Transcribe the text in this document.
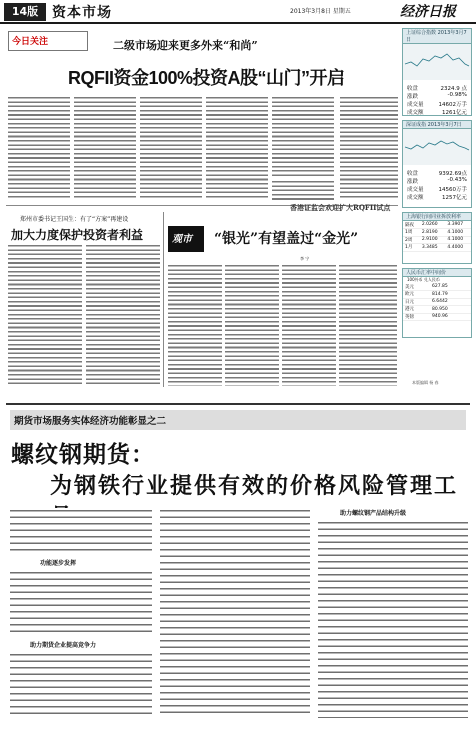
14版 资本市场	2013年3月8日 星期五	经济日报
今日关注	二级市场迎来更多外来“和尚”
RQFII资金100%投资A股“山门”开启
香港证监会欢迎扩大RQFII试点
郑州市委书记王国生：有了“方案”再建设
加大力度保护投资者利益	观市 “银光”有望盖过“金光”
李 宁
上证综合指数 2013年3月7日
收盘	2324.9 点
涨跌	-0.98%
成交量	14602万手
成交额	1261亿元
深证成指 2013年3月7日
收盘	9392.69点
涨跌	-0.43%
成交量	14560万手
成交额	1257亿元
上海银行间同业拆放利率
隔夜	2.0260	3.3907
1周	2.8190	4.1000
2周	2.9100	4.1000
1月	3.3485	4.4000
人民币汇率中间价
100外币 兑人民币
美元	627.85
欧元	814.79
日元	6.6442
港元	80.950
英镑	940.96
本版编辑 杨 春
期货市场服务实体经济功能彰显之二
螺纹钢期货：
为钢铁行业提供有效的价格风险管理工
功能逐步发挥
助力期货企业提高竞争力
助力螺纹钢产品结构升级
